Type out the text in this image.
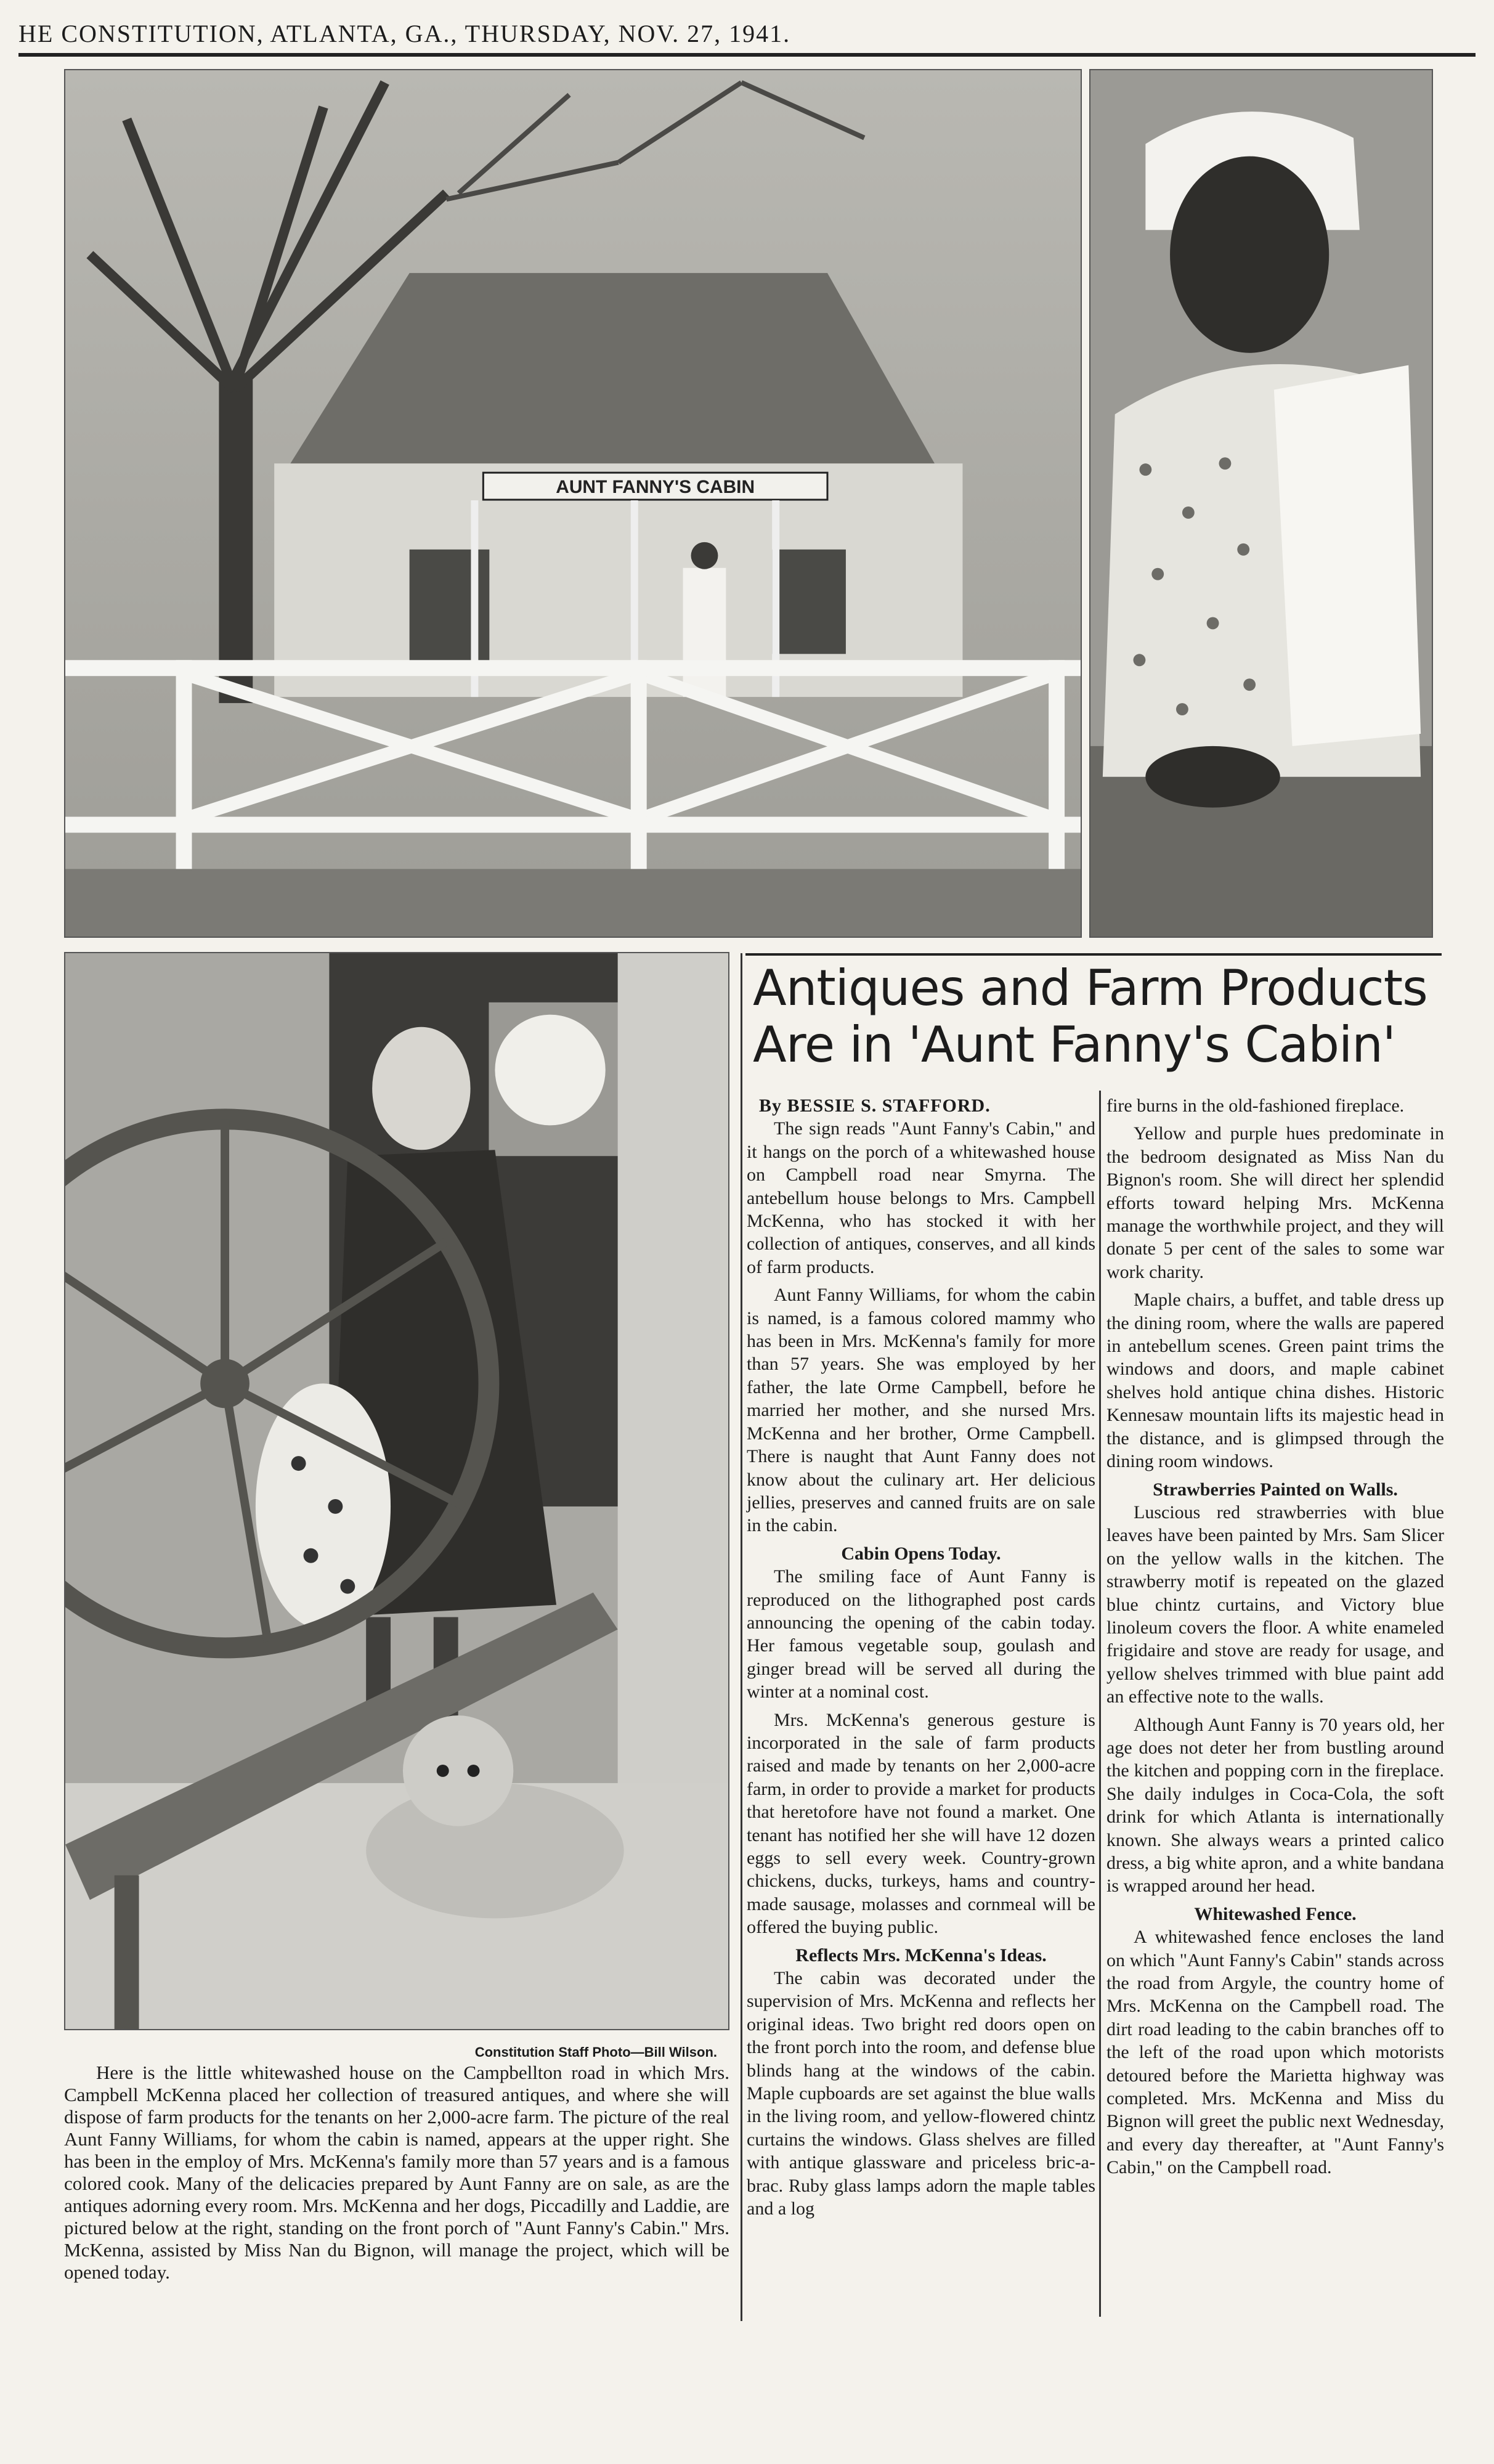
HE CONSTITUTION, ATLANTA, GA., THURSDAY, NOV. 27, 1941.
AUNT FANNY'S CABIN
Constitution Staff Photo—Bill Wilson.
Here is the little whitewashed house on the Campbellton road in which Mrs. Campbell McKenna placed her collection of treasured antiques, and where she will dispose of farm products for the tenants on her 2,000-acre farm. The picture of the real Aunt Fanny Williams, for whom the cabin is named, appears at the upper right. She has been in the employ of Mrs. McKenna's family more than 57 years and is a famous colored cook. Many of the delicacies prepared by Aunt Fanny are on sale, as are the antiques adorning every room. Mrs. McKenna and her dogs, Piccadilly and Laddie, are pictured below at the right, standing on the front porch of "Aunt Fanny's Cabin." Mrs. McKenna, assisted by Miss Nan du Bignon, will manage the project, which will be opened today.
Antiques and Farm Products
Are in 'Aunt Fanny's Cabin'

By BESSIE S. STAFFORD.

The sign reads "Aunt Fanny's Cabin," and it hangs on the porch of a whitewashed house on Campbell road near Smyrna. The antebellum house belongs to Mrs. Campbell McKenna, who has stocked it with her collection of antiques, conserves, and all kinds of farm products.

Aunt Fanny Williams, for whom the cabin is named, is a famous colored mammy who has been in Mrs. McKenna's family for more than 57 years. She was employed by her father, the late Orme Campbell, before he married her mother, and she nursed Mrs. McKenna and her brother, Orme Campbell. There is naught that Aunt Fanny does not know about the culinary art. Her delicious jellies, preserves and canned fruits are on sale in the cabin.

Cabin Opens Today.

The smiling face of Aunt Fanny is reproduced on the lithographed post cards announcing the opening of the cabin today. Her famous vegetable soup, goulash and ginger bread will be served all during the winter at a nominal cost.

Mrs. McKenna's generous gesture is incorporated in the sale of farm products raised and made by tenants on her 2,000-acre farm, in order to provide a market for products that heretofore have not found a market. One tenant has notified her she will have 12 dozen eggs to sell every week. Country-grown chickens, ducks, turkeys, hams and country-made sausage, molasses and cornmeal will be offered the buying public.

Reflects Mrs. McKenna's Ideas.

The cabin was decorated under the supervision of Mrs. McKenna and reflects her original ideas. Two bright red doors open on the front porch into the room, and defense blue blinds hang at the windows of the cabin. Maple cupboards are set against the blue walls in the living room, and yellow-flowered chintz curtains the windows. Glass shelves are filled with antique glassware and priceless bric-a-brac. Ruby glass lamps adorn the maple tables and a log

fire burns in the old-fashioned fireplace.

Yellow and purple hues predominate in the bedroom designated as Miss Nan du Bignon's room. She will direct her splendid efforts toward helping Mrs. McKenna manage the worthwhile project, and they will donate 5 per cent of the sales to some war work charity.

Maple chairs, a buffet, and table dress up the dining room, where the walls are papered in antebellum scenes. Green paint trims the windows and doors, and maple cabinet shelves hold antique china dishes. Historic Kennesaw mountain lifts its majestic head in the distance, and is glimpsed through the dining room windows.

Strawberries Painted on Walls.

Luscious red strawberries with blue leaves have been painted by Mrs. Sam Slicer on the yellow walls in the kitchen. The strawberry motif is repeated on the glazed blue chintz curtains, and Victory blue linoleum covers the floor. A white enameled frigidaire and stove are ready for usage, and yellow shelves trimmed with blue paint add an effective note to the walls.

Although Aunt Fanny is 70 years old, her age does not deter her from bustling around the kitchen and popping corn in the fireplace. She daily indulges in Coca-Cola, the soft drink for which Atlanta is internationally known. She always wears a printed calico dress, a big white apron, and a white bandana is wrapped around her head.

Whitewashed Fence.

A whitewashed fence encloses the land on which "Aunt Fanny's Cabin" stands across the road from Argyle, the country home of Mrs. McKenna on the Campbell road. The dirt road leading to the cabin branches off to the left of the road upon which motorists detoured before the Marietta highway was completed. Mrs. McKenna and Miss du Bignon will greet the public next Wednesday, and every day thereafter, at "Aunt Fanny's Cabin," on the Campbell road.
